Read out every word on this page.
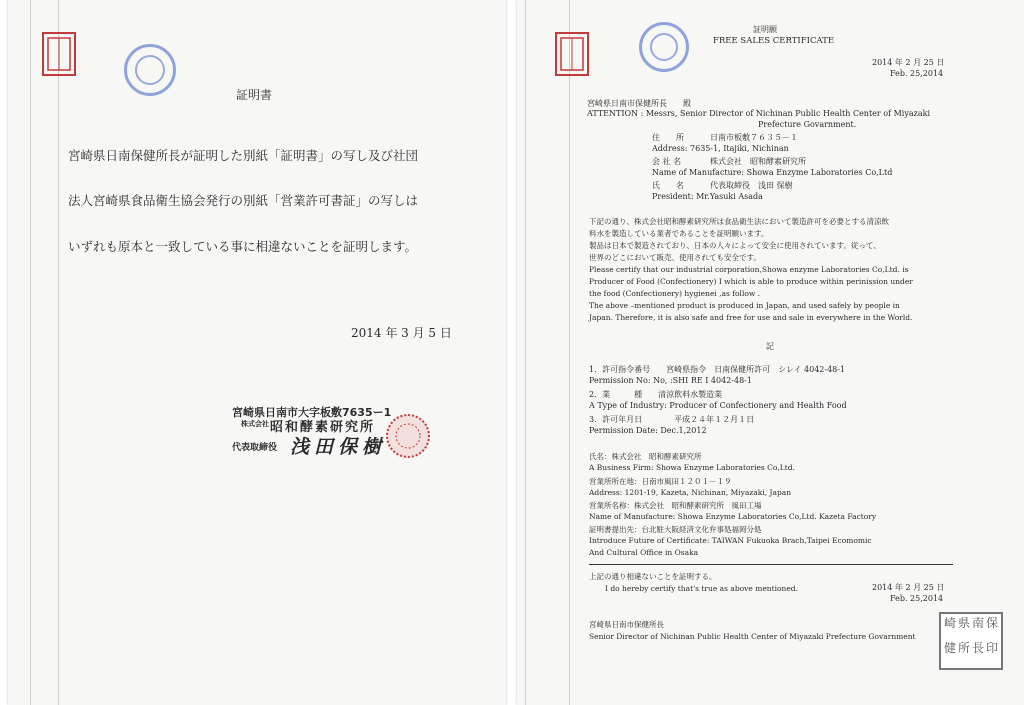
証明書
宮崎県日南保健所長が証明した別紙「証明書」の写し及び社団
法人宮崎県食品衛生協会発行の別紙「営業許可書証」の写しは
いずれも原本と一致している事に相違ないことを証明します。
2014 年 3 月 5 日
宮崎県日南市大字板敷7635ー1
株式会社 昭和酵素研究所
代表取締役 浅田保樹
証明願
FREE SALES CERTIFICATE
2014 年 2 月 25 日
Feb. 25,2014
宮崎県日南市保健所長　　殿
ATTENTION : Messrs, Senior Director of Nichinan Public Health Center of Miyazaki
Prefecture Govarnment.
住　　所	日南市板敷７６３５－１
Address: 7635-1, Itajiki, Nichinan
会 社 名	株式会社　昭和酵素研究所
Name of Manufacture: Showa Enzyme Laboratories Co,Ltd
氏　　名	代表取締役　浅田 保樹
President: Mr.Yasuki Asada
下記の通り、株式会社昭和酵素研究所は食品衛生法において製造許可を必要とする清涼飲
料水を製造している業者であることを証明願います。
製品は日本で製造されており、日本の人々によって安全に使用されています。従って、
世界のどこにおいて販売、使用されても安全です。
Please certify that our industrial corporation,Showa enzyme Laboratories Co,Ltd. is
Producer of Food (Confectionery) I which is able to produce within perinission under
the food (Confectionery) hygienei ,as follow .
The above –mentioned product is produced in Japan, and used safely by people in
Japan. Therefore, it is also safe and free for use and sale in everywhere in the World.
記
1．許可指令番号　　宮崎県指令　日南保健所許可　シレイ 4042-48-1
Permission No: No, :SHI RE I 4042-48-1
2．業　　　種　　清涼飲料水製造業
A Type of Industry: Producer of Confectionery and Health Food
3．許可年月日　　　　平成２４年１２月１日
Permission Date: Dec.1,2012
氏名：株式会社　昭和酵素研究所
A Business Firm: Showa Enzyme Laboratories Co,Ltd.
営業所所在地：日南市風田１２０１－１９
Address: 1201-19, Kazeta, Nichinan, Miyazaki, Japan
営業所名称：株式会社　昭和酵素研究所　風田工場
Name of Manufacture: Showa Enzyme Laboratories Co,Ltd. Kazeta Factory
証明書提出先：台北駐大阪経済文化弁事処福岡分処
Introduce Future of Certificate: TAIWAN Fukuoka Brach,Taipei Ecomomic
And Cultural Office in Osaka
上記の通り相違ないことを証明する。
I do hereby certify that's true as above mentioned.	2014 年 2 月 25 日
Feb. 25,2014
宮崎県日南市保健所長
Senior Director of Nichinan Public Health Center of Miyazaki Prefecture Govarnment
崎 県 南 保
健 所 長 印
